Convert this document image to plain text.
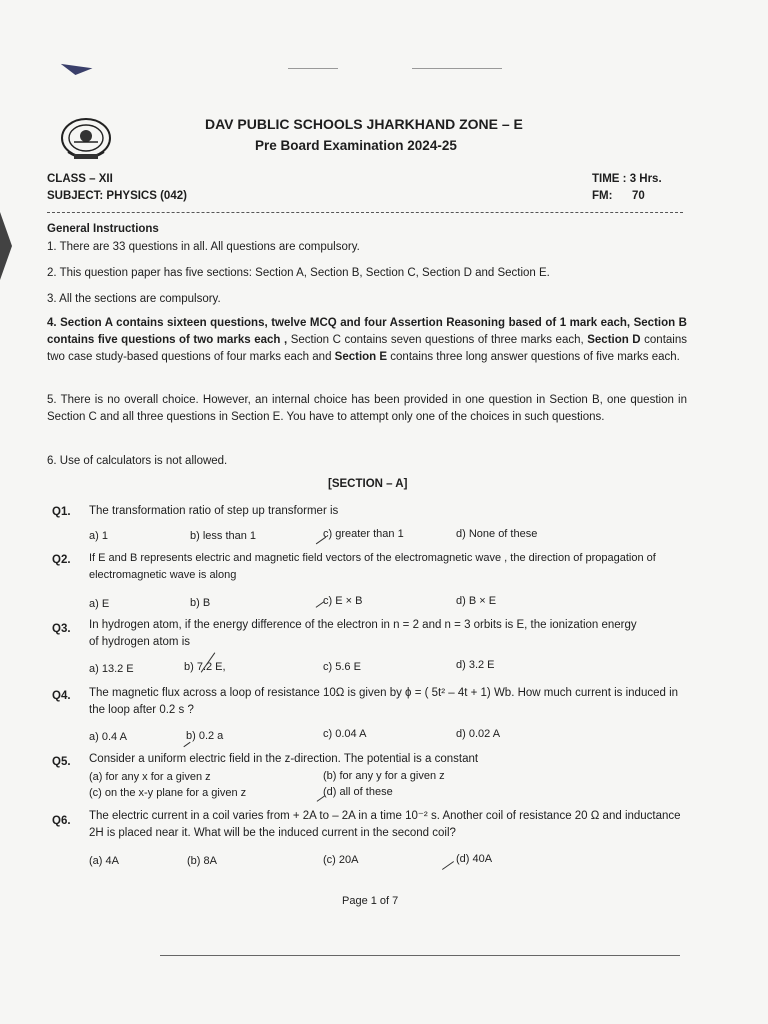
DAV PUBLIC SCHOOLS JHARKHAND ZONE – E
Pre Board Examination 2024-25
CLASS – XII
SUBJECT: PHYSICS (042)
TIME : 3 Hrs.
FM: 70
General Instructions
1. There are 33 questions in all. All questions are compulsory.
2. This question paper has five sections: Section A, Section B, Section C, Section D and Section E.
3. All the sections are compulsory.
4. Section A contains sixteen questions, twelve MCQ and four Assertion Reasoning based of 1 mark each, Section B contains five questions of two marks each , Section C contains seven questions of three marks each, Section D contains two case study-based questions of four marks each and Section E contains three long answer questions of five marks each.
5. There is no overall choice. However, an internal choice has been provided in one question in Section B, one question in Section C and all three questions in Section E. You have to attempt only one of the choices in such questions.
6. Use of calculators is not allowed.
[SECTION – A]
Q1. The transformation ratio of step up transformer is
a) 1	b) less than 1	c) greater than 1	d) None of these
Q2. If E and B represents electric and magnetic field vectors of the electromagnetic wave , the direction of propagation of electromagnetic wave is along
a) E	b) B	c) E × B	d) B × E
Q3. In hydrogen atom, if the energy difference of the electron in n = 2 and n = 3 orbits is E, the ionization energy of hydrogen atom is
a) 13.2 E	b) 7.2 E,	c) 5.6 E	d) 3.2 E
Q4. The magnetic flux across a loop of resistance 10Ω is given by ϕ = ( 5t² – 4t + 1) Wb. How much current is induced in the loop after 0.2 s ?
a) 0.4 A	b) 0.2 a	c) 0.04 A	d) 0.02 A
Q5. Consider a uniform electric field in the z-direction. The potential is a constant
(a) for any x for a given z	(b) for any y for a given z
(c) on the x-y plane for a given z	(d) all of these
Q6. The electric current in a coil varies from + 2A to – 2A in a time 10⁻² s. Another coil of resistance 20 Ω and inductance 2H is placed near it. What will be the induced current in the second coil?
(a) 4A	(b) 8A	(c) 20A	(d) 40A
Page 1 of 7
